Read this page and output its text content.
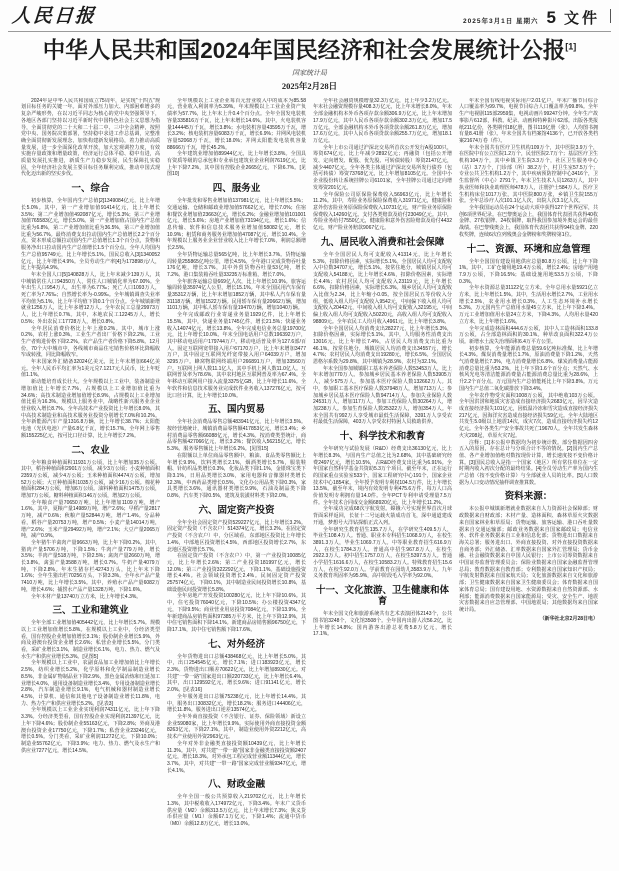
人民日报	2025年3月1日 星期六 5 文件
中华人民共和国2024年国民经济和社会发展统计公报[1]
国家统计局
2025年2月28日

2024年是中华人民共和国成立75周年，是实现“十四五”规划目标任务的关键一年。面对外部压力加大、内部困难增多的复杂严峻形势，在以习近平同志为核心的党中央坚强领导下，各地区各部门坚持以习近平新时代中国特色社会主义思想为指导，全面贯彻党的二十大和二十届二中、三中全会精神，按照党中央、国务院决策部署，坚持稳中求进工作总基调，完整准确全面贯彻新发展理念，加快构建新发展格局，着力推动高质量发展，进一步全面深化改革开放，加大宏观调控力度，有效实施存量政策和增量政策，经济运行总体平稳、稳中有进，高质量发展扎实推进，新质生产力稳步发展，民生保障扎实稳固，全年经济社会发展主要目标任务顺利完成，推动中国式现代化迈出新的坚实步伐。

一、综合

初步核算，全年国内生产总值[2]1349084亿元，比上年增长5.0%。其中，第一产业增加值91414亿元，比上年增长3.5%；第二产业增加值492087亿元，增长5.3%；第三产业增加值765583亿元，增长5.0%。第一产业增加值占国内生产总值比重为6.8%，第二产业增加值比重为36.5%，第三产业增加值比重为56.7%。最终消费支出拉动国内生产总值增长2.2个百分点，资本形成总额拉动国内生产总值增长1.3个百分点，货物和服务净出口拉动国内生产总值增长1.5个百分点。全年人均国内生产总值95749元，比上年增长5.1%。国民总收入[3]1340052亿元，比上年增长4.9%。全员劳动生产率[4]为173898元/人，比上年提高4.9%。

年末全国人口[5]140828万人，比上年末减少139万人，其中城镇常住人口94350万人，常住人口城镇化率为67.00%。全年出生人口954万人，出生率为6.77‰；死亡人口1093万人，死亡率为7.76‰；自然增长率为-0.99‰。全年城镇调查失业率平均值为5.1%，比上年平均值下降0.1个百分点。全年城镇新增就业1256万人，比上年多增12万人。全年农民工总量29973万人，比上年增长0.7%。其中，本地农民工12245万人，增长0.5%；外出农民工17728万人，增长0.8%。

全年居民消费价格比上年上涨0.2%。其中，城市上涨0.2%，农村上涨0.3%。工业生产者出厂价格下降2.2%。工业生产者购进价格下降2.2%。农产品生产者价格下降5.8%。12月份，70个大中城市中，各线城市商品住宅销售价格环比降幅收窄或转涨，同比降幅收窄。

年末国家外汇储备32024亿美元，比上年末增加664亿美元。全年人民币平均汇率为1美元兑7.1217元人民币，比上年贬值1.1%。

新动能培育成长壮大。全年规模以上工业中，装备制造业增加值比上年增长7.7%，占规模以上工业增加值比重为34.6%；高技术制造业增加值增长8.9%，占规模以上工业增加值比重为16.3%。规模以上服务业中，战略性新兴服务业企业营业收入增长8.7%。全年高技术产业投资比上年增长8.0%，其中高技术制造业和高技术服务业投资分别增长7.0%和10.2%。全年新能源汽车产量1316.8万辆，比上年增长38.7%；太阳能电池（光伏电池）产量6.8亿千瓦，增长15.7%。全年网上零售额155225亿元，按可比口径计算，比上年增长7.2%。

二、农业

全年粮食种植面积11931万公顷，比上年增加35万公顷。其中，稻谷种植面积2901万公顷，减少3万公顷；小麦种植面积2359万公顷，减少4万公顷；玉米种植面积4474万公顷，增加52万公顷；大豆种植面积1035万公顷，减少16万公顷。棉花种植面积284万公顷，增加6万公顷。油料种植面积1475万公顷，增加7万公顷。糖料种植面积146万公顷，增加2万公顷。

全年粮食产量70650万吨，比上年增加1109万吨，增产1.6%。其中，夏粮产量14989万吨，增产2.6%；早稻产量2817万吨，减产0.6%；秋粮产量52844万吨，增产1.4%。分品种看，稻谷产量20753万吨，增产0.5%；小麦产量14014万吨，增产2.6%；玉米产量29492万吨，增产2.1%；大豆产量2065万吨，减产0.9%。

全年猪牛羊禽肉产量9663万吨，比上年下降0.2%。其中，猪肉产量5706万吨，下降1.5%；牛肉产量779万吨，增长3.5%；羊肉产量518万吨，下降2.5%；禽肉产量2660万吨，增长3.8%。禽蛋产量3588万吨，增长0.7%。牛奶产量4079万吨，下降2.8%。年末生猪存栏42743万头，比上年末下降1.6%；全年生猪出栏70256万头，下降3.3%。全年水产品产量7410万吨，比上年增长3.5%。其中，养殖水产品产量6082万吨，增长4.6%；捕捞水产品产量1328万吨，下降1.6%。

全年木材产量13740万立方米，比上年增长4.3%。

三、工业和建筑业

全年全部工业增加值405442亿元，比上年增长5.7%。规模以上工业增加值增长5.8%。在规模以上工业中，分经济类型看，国有控股企业增加值增长3.1%；股份制企业增长5.9%，外商及港澳台投资企业增长2.6%；私营企业增长5.5%。分门类看，采矿业增长3.1%，制造业增长6.1%，电力、热力、燃气及水生产和供应业增长5.3%。[见图5]

全年规模以上工业中，农副食品加工业增加值比上年增长2.5%，纺织业增长5.2%，化学原料和化学制品制造业增长8.5%，非金属矿物制品业下降2.9%，黑色金属冶炼和压延加工业增长4.0%，通用设备制造业增长3.4%，专用设备制造业增长2.8%，汽车制造业增长9.1%，电气机械和器材制造业增长4.5%，计算机、通信和其他电子设备制造业增长11.8%，电力、热力生产和供应业增长5.2%。[见表3]

全年规模以上工业企业实现利润74311亿元，比上年下降3.3%。分经济类型看，国有控股企业实现利润21397亿元，比上年下降4.6%；股份制企业55163亿元，下降2.8%；外商及港澳台投资企业17750亿元，下降1.7%；私营企业23246亿元，增长0.5%。分门类看，采矿业利润11272亿元，下降10.0%；制造业55762亿元，下降3.9%；电力、热力、燃气及水生产和供应业7277亿元，增长14.5%。

全年规模以上工业企业每百元营业收入中的成本为85.58元，营业收入利润率为5.39%。年末规模以上工业企业资产负债率为57.7%，比上年末上升0.4个百分点。全年全国发电装机容量335816万千瓦，比上年末增长14.6%。其中，火电装机容量144445万千瓦，增长3.8%；水电装机容量43595万千瓦，增长3.2%；核电装机容量6083万千瓦，增长6.9%；并网风电装机容量52068万千瓦，增长18.0%；并网太阳能发电装机容量88666万千瓦，增长45.2%。

全年建筑业增加值89944亿元，比上年增长3.8%。全国具有资质等级的总承包和专业承包建筑业企业利润7619亿元，比上年下降7.2%，其中国有控股企业2665亿元，下降6.7%。[见图10]

四、服务业

全年批发和零售业增加值137981亿元，比上年增长5.5%；交通运输、仓储和邮政业增加值57662亿元，增长7.0%；住宿和餐饮业增加值23663亿元，增长6.2%；金融业增加值101001亿元，增长5.6%；房地产业增加值73194亿元，增长1.6%；信息传输、软件和信息技术服务业增加值58082亿元，增长10.9%；租赁和商务服务业增加值47087亿元，增长10.4%。全年规模以上服务业企业营业收入比上年增长7.0%，利润总额增长2.5%。

全年货物运输总量565亿吨，比上年增长3.7%。货物运输周转量255865亿吨公里，增长4.5%。全年港口完成货物吞吐量176亿吨，增长3.7%，其中外贸货物吞吐量53亿吨，增长7.2%。港口集装箱吞吐量33235万标准箱，增长7.0%。

全年旅客运输总量669亿人次，比上年增长10.9%。旅客运输周转量35974亿人公里，增长15.1%。年末全国民用汽车保有量35312万辆，比上年末增加1852万辆，其中私人汽车保有量31118万辆，增加1522万辆。民用轿车保有量20662万辆，增加1101万辆，其中私人轿车保有量19470万辆，增加1040万辆。

全年完成邮政行业寄递业务量1929亿件，比上年增长15.5%。其中，快递业务量1745亿件，增长21.5%；快递业务收入14074亿元，增长13.8%。全年完成电信业务总量19700亿元，比上年增长10.0%。年末全国电话用户总数196392万户，其中移动电话用户179744万户。移动电话普及率为127.6部/百人。固定互联网宽带接入用户67170万户，比上年末增加3477万户，其中固定互联网光纤宽带接入用户64039万户，增加3295万户。蜂窝物联网终端用户266891万户，增加33560万户。互联网上网人数11.1亿人，其中手机上网人数11.0亿人。互联网普及率为78.6%，其中农村地区互联网普及率为67.4%。全年移动互联网用户接入流量3375亿GB，比上年增长11.6%。全年软件和信息技术服务业完成软件业务收入137276亿元，按可比口径计算，比上年增长10.0%。

五、国内贸易

全年社会消费品零售总额483941亿元，比上年增长3.5%。按经营地统计，城镇消费品零售额417853亿元，增长3.4%；乡村消费品零售额66088亿元，增长4.3%。按消费类型统计，商品零售额427066亿元，增长3.2%；餐饮收入56215亿元，增长5.3%。服务零售额比上年增长6.2%。[见图15]

在限额以上单位商品零售额中，粮油、食品类零售额比上年增长9.9%，饮料类增长2.1%，烟酒类增长5.7%，服装鞋帽、针纺织品类增长0.3%，化妆品类下降1.1%，金银珠宝类下降3.1%，日用品类增长3.0%，家用电器和音像器材类增长12.3%，中西药品类增长0.5%，文化办公用品类下降0.3%，家具类增长3.6%，通讯器材类增长9.9%，石油及制品类下降0.8%，汽车类下降0.5%，建筑及装潢材料类下降2.0%。

六、固定资产投资

全年全社会固定资产投资529227亿元，比上年增长3.2%。固定资产投资（不含农户）514374亿元，增长3.2%。在固定资产投资（不含农户）中，分区域看，东部地区投资比上年增长1.4%，中部地区投资增长4.5%，西部地区投资增长2.7%，东北地区投资增长5.7%。

在固定资产投资（不含农户）中，第一产业投资10085亿元，比上年增长2.6%；第二产业投资181997亿元，增长12.0%；第三产业投资322292亿元，下降1.1%。基础设施投资增长4.4%。社会领域投资增长2.4%。民间固定资产投资257574亿元，下降0.1%，其中制造业民间投资增长10.8%，基础设施民间投资增长5.8%。

全年房地产开发投资100280亿元，比上年下降10.6%。其中，住宅投资76040亿元，下降10.5%；办公楼投资4347亿元，下降9.5%；商业营业用房投资7084亿元，下降13.9%。全年新建商品房销售面积97385万平方米，比上年下降12.9%，其中住宅销售面积下降14.1%。新建商品房销售额96750亿元，下降17.1%，其中住宅销售额下降17.6%。

七、对外经济

全年货物进出口总额438468亿元，比上年增长5.0%。其中，出口254545亿元，增长7.1%；进口183923亿元，增长2.3%。货物进出口顺差70622亿元，比上年增加8930亿元。对共建“一带一路”国家进出口额220733亿元，比上年增长6.4%。其中，出口129592亿元，增长9.6%；进口91141亿元，增长2.0%。[见表16]

全年服务进出口总额75238亿元，比上年增长14.4%。其中，服务出口30832亿元，增长18.2%；服务进口44406亿元，增长11.8%。服务进出口逆差13574亿元。

全年外商直接投资（不含银行、证券、保险领域）新设立企业59080家，比上年增长9.9%。实际使用外商直接投资金额8263亿元，下降27.1%。其中，制造业使用外资2212亿元，高技术产业使用外资2963亿元。

全年对外非金融类直接投资额10439亿元，比上年增长11.3%。其中，对共建“一带一路”国家非金融类直接投资额2407亿元，增长18.3%。对外承包工程完成营业额11344亿元，增长3.7%。其中，对共建“一带一路”国家完成营业额9347亿元，增长4.1%。

八、财政金融

全年全国一般公共预算收入219702亿元，比上年增长1.3%，其中税收收入174972亿元，下降3.4%。年末广义货币供应量（M2）余额313.5万亿元，比上年末增长7.3%；狭义货币供应量（M1）余额67.1万亿元，下降1.4%；流通中货币（M0）余额12.8万亿元，增长13.0%。

全年社会融资规模增量32.3万亿元，比上年少3.2万亿元。年末社会融资规模存量408.3万亿元，比上年末增长8.0%。年末全部金融机构本外币各项存款余额306.9万亿元，比上年末增加17.9万亿元，其中人民币各项存款余额302.3万亿元，增加17.5万亿元。全部金融机构本外币各项贷款余额261.8万亿元，增加17.6万亿元，其中人民币各项贷款余额255.7万亿元，增加18.1万亿元。

全年上市公司通过沪深北交易所首次公开发行A股100只，筹资674亿元，比上年减少2892亿元；再融资（包括公开增发、定向增发、配股、优先股、可转债转股）筹资2147亿元，减少4407亿元。全年各类主体通过沪深北交易所发行债券（包括可转债）筹资73768亿元，比上年增加8105亿元。全国中小企业股份转让系统挂牌公司6101家，全年挂牌公司通过定向增发筹资201亿元。

全年保险公司原保险保费收入56963亿元，比上年增长11.2%。其中，寿险业务原保险保费收入31971亿元，健康险和意外伤害险业务原保险保费收入10731亿元，财产险业务原保险保费收入14260亿元。支付各类赔款及给付23049亿元。其中，寿险业务给付7550亿元，健康险和意外伤害险赔款及给付4432亿元，财产险业务赔款9067亿元。

九、居民收入消费和社会保障

全年全国居民人均可支配收入41314元，比上年增长5.3%，扣除价格因素，实际增长5.1%。全国居民人均可支配收入中位数34707元，增长5.1%。按常住地分，城镇居民人均可支配收入54188元，比上年增长4.6%，扣除价格因素，实际增长4.4%；农村居民人均可支配收入23119元，比上年增长6.6%，扣除价格因素，实际增长6.3%。城乡居民人均可支配收入比值为2.34，比上年缩小0.05。按全国居民五等份收入分组，低收入组人均可支配收入9542元，中间偏下收入组人均可支配收入20442元，中间收入组人均可支配收入32195元，中间偏上收入组人均可支配收入50220元，高收入组人均可支配收入98809元。全年农民工人均月收入4961元，比上年增长3.8%。

全年全国居民人均消费支出28227元，比上年增长5.3%，扣除价格因素，实际增长5.1%。其中，人均服务性消费支出13016元，比上年增长7.4%，占居民人均消费支出比重为46.1%。按常住地分，城镇居民人均消费支出34557元，增长4.7%；农村居民人均消费支出19280元，增长6.5%。全国居民恩格尔系数为29.8%，其中城镇为28.9%，农村为32.1%。

年末全国参加城镇职工基本养老保险人数53453万人，比上年末增加770万人。参加城乡居民基本养老保险人数53905万人，减少575万人。参加基本医疗保险人数132662万人。其中，参加职工基本医疗保险人数37948万人，增加713万人；参加城乡居民基本医疗保险人数94714万人。参加失业保险人数24531万人，增加117万人。参加工伤保险人数30264万人，增加238万人。参加生育保险人数25322万人，增加354万人。年末全国共有992万人享受城市最低生活保障，3391万人享受农村最低生活保障，403万人享受农村特困人员救助供养。

十、科学技术和教育

全年研究与试验发展（R&D）经费支出36130亿元，比上年增长8.3%，与国内生产总值之比为2.68%，其中基础研究经费2497亿元，增长10.5%，占R&D经费支出比重为6.91%。全年国家自然科学基金共资助5.3万个项目。截至年末，正在运行的国家重点实验室533个，国家工程研究中心191个，国家企业技术中心1854家。全年授予发明专利权104.5万件，比上年增长13.5%。截至年末，境内有效发明专利475.6万件，每万人口高价值发明专利拥有量14.0件。全年PCT专利申请受理量7.5万件。全年技术合同成交金额68920亿元，比上年增长11.2%。

全年成功完成68次宇航发射。嫦娥六号实现世界首次月球背面采样返回，长征十二号运载火箭成功首飞，深中通道建成开通，梦想号大洋钻探船正式入列。

全年研究生教育招生135.7万人，在学研究生409.5万人，毕业生108.4万人。普通、职业本专科招生1068.9万人，在校生3891.3万人，毕业生1069.7万人。中等职业教育招生616.9万人，在校生1784.3万人。普通高中招生967.8万人，在校生2922.3万人。初中招生1757.0万人，在校生5397.5万人。普通小学招生1616.6万人，在校生10583.2万人。特殊教育招生15.6万人，在校生92.0万人。学前教育在园幼儿3583.9万人。九年义务教育巩固率为95.9%，高中阶段毛入学率为92.0%。

十一、文化旅游、卫生健康和体育

年末全国文化和旅游系统共有艺术表演团体2143个，公共图书馆3248个，文化馆3508个。全年国内出游人次56.2亿，比上年增长14.8%；国内游客出游总花费5.8万亿元，增长17.1%。

年末全国有线电视实际用户2.01亿户。年末广播节目综合人口覆盖率为99.7%，电视节目综合人口覆盖率为99.8%。全年生产电视剧115部2959集，电视动画片99247分钟。全年生产故事影片612部，科教、纪录、动画和特种影片62部。出版各类报纸211亿份，各类期刊18亿册，图书119亿册（张），人均图书拥有量8.41册（张）。年末全国共有档案馆4136个，已开放各类档案21674万卷（件）。

年末全国共有医疗卫生机构109万个，其中医院3.9万个，在医院中有公立医院1.2万个，民营医院2.7万个；基层医疗卫生机构104万个，其中乡镇卫生院3.3万个，社区卫生服务中心（站）3.7万个，门诊部（所）38.2万个，村卫生室57.5万个；专业公共卫生机构1.2万个，其中疾病预防控制中心3416个，卫生监督所（中心）2791个。年末卫生技术人员1263万人，其中执业医师和执业助理医师478万人，注册护士584万人。医疗卫生机构床位1017万张，其中医院800万张，乡镇卫生院155万张。全年总诊疗人次101.1亿人次，出院人次3.1亿人次。

全年我国运动员在24个运动大项中获得127个世界冠军，共创6项世界纪录。在巴黎奥运会上，我国体育代表团共获得40枚金牌、27枚银牌、24枚铜牌，取得我国参加境外奥运会的最佳战绩。在巴黎残奥会上，我国体育代表团共获得94枚金牌、220枚奖牌，连续6次位列残奥会金牌榜和奖牌榜第1位。

十二、资源、环境和应急管理

全年全国国有建设用地供应总量80.8万公顷，比上年下降1%。其中，工矿仓储用地19.4万公顷，增长2.4%；房地产用地7.9万公顷，下降16.5%；基础设施用地53.5万公顷，下降0.3%。

全年水资源总量31122亿立方米。全年总用水量5921亿立方米，比上年增长1.5%。其中，生活用水增长2.7%，工业用水增长2.5%，农业用水增长0.3%，人工生态环境补水增长5.3%。万元国内生产总值用水量45立方米，比上年下降3.4%。万元工业增加值用水量24立方米，下降4.3%。人均用水量420立方米，比上年增长1.6%。

全年完成造林面积444.6万公顷，其中人工造林面积133.8万公顷，占全部造林面积的30.1%。种草改良面积322.4万公顷。新增水土流失治理面积6.4万平方公里。

初步核算，全年能源消费总量59.6亿吨标准煤，比上年增长4.3%。煤炭消费量增长1.7%，原油消费量下降1.2%，天然气消费量增长7.3%，电力消费量增长6.8%。煤炭消费量占能源消费总量比重为53.2%，比上年下降1.6个百分点；天然气、水核风光电等清洁能源消费量占能源消费总量比重为28.6%，上升2.2个百分点。万元国内生产总值能耗比上年下降3.8%。万元国内生产总值二氧化碳排放下降3.4%。

全年农作物受灾面积1008万公顷，其中绝收103万公顷。全年因洪涝和地质灾害造成直接经济损失2683亿元，因旱灾造成直接经济损失101亿元，因低温冷冻和雪灾造成直接经济损失217亿元，因海洋灾害造成直接经济损失59亿元。全年大陆地区共发生5.0级以上地震14次，成灾7次，造成直接经济损失约12亿元。全年各类生产安全事故共死亡19670人。全年共发生森林火灾208起，草原火灾7起。

注释：[1]本公报中数据均为初步统计数。部分数据因四舍五入的原因，存在总计与分项合计不等的情况。[2]国内生产总值、各产业增加值绝对数按现价计算，增长速度按不变价格计算。[3]国民总收入是指一个国家（地区）所有常住单位在一定时期内收入初次分配的最终结果。[4]全员劳动生产率为国内生产总值（按不变价格计算）与全部就业人员的比率。[5]人口数据为人口变动情况抽样调查推算数。

资料来源：

本公报中城镇新增就业数据来自人力资源社会保障部；财政数据来自财政部；木材产量、造林面积、森林草原火灾数据来自国家林业和草原局；货物运输、旅客运输、港口吞吐量数据来自交通运输部；邮政业务数据来自国家邮政局；电信业务、软件业务数据来自工业和信息化部；货物进出口数据来自海关总署；服务进出口、外商直接投资、对外直接投资数据来自商务部；外汇储备、汇率数据来自国家外汇管理局；货币金融、社会融资数据来自中国人民银行；上市公司筹资数据来自中国证券监督管理委员会；保险业数据来自国家金融监督管理总局；教育数据来自教育部；专利数据来自国家知识产权局；宇航发射数据来自国家航天局；文化旅游数据来自文化和旅游部；卫生健康数据来自国家卫生健康委员会；体育数据来自国家体育总局；国有建设用地、水资源数据来自自然资源部、水利部；能源消费数据来自国家能源局；受灾、安全生产、地震灾害数据来自应急管理部、中国地震局；其他数据均来自国家统计局。

（新华社北京2月28日电）
